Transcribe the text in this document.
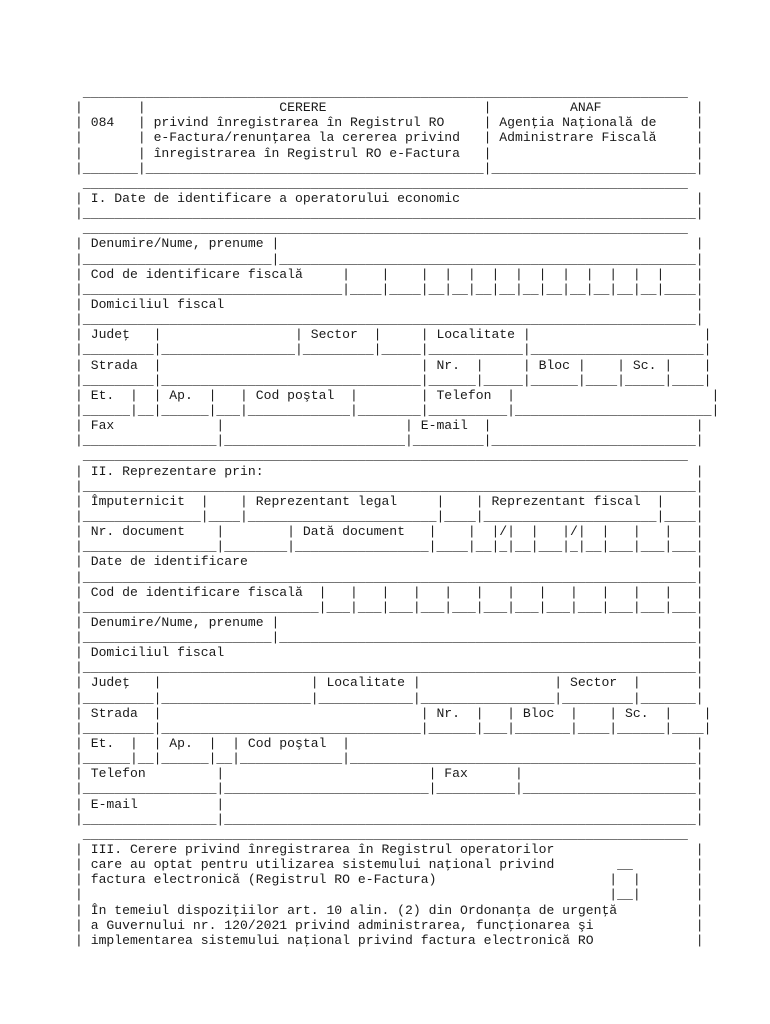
_____________________________________________________________________________

|       |                 CERERE                    |          ANAF            |

| 084   | privind înregistrarea în Registrul RO     | Agenţia Naţională de     |

|       | e-Factura/renunţarea la cererea privind   | Administrare Fiscală     |

|       | înregistrarea în Registrul RO e-Factura   |                          |

|_______|___________________________________________|__________________________|

_____________________________________________________________________________

| I. Date de identificare a operatorului economic                              |

|______________________________________________________________________________|

_____________________________________________________________________________

| Denumire/Nume, prenume |                                                     |

|________________________|_____________________________________________________|

| Cod de identificare fiscală     |    |    |  |  |  |  |  |  |  |  |  |  |    |

|_________________________________|____|____|__|__|__|__|__|__|__|__|__|__|____|

| Domiciliul fiscal                                                            |

|______________________________________________________________________________|

| Judeţ   |                 | Sector  |     | Localitate |                      |

|_________|_________________|_________|_____|____________|______________________|

| Strada  |                                 | Nr.  |     | Bloc |    | Sc. |    |

|_________|_________________________________|______|_____|______|____|_____|____|

| Et.  |  | Ap.  |   | Cod poştal  |        | Telefon  |                         |

|______|__|______|___|_____________|________|__________|_________________________|

| Fax             |                       | E-mail  |                          |

|_________________|_______________________|_________|__________________________|

_____________________________________________________________________________

| II. Reprezentare prin:                                                       |

|______________________________________________________________________________|

| Împuternicit  |    | Reprezentant legal     |    | Reprezentant fiscal  |    |

|_______________|____|________________________|____|______________________|____|

| Nr. document    |        | Dată document   |    |  |/|  |   |/|  |   |   |   |

|_________________|________|_________________|____|__|_|__|___|_|__|___|___|___|

| Date de identificare                                                         |

|______________________________________________________________________________|

| Cod de identificare fiscală  |   |   |   |   |   |   |   |   |   |   |   |   |

|______________________________|___|___|___|___|___|___|___|___|___|___|___|___|

| Denumire/Nume, prenume |                                                     |

|________________________|_____________________________________________________|

| Domiciliul fiscal                                                            |

|______________________________________________________________________________|

| Judeţ   |                   | Localitate |                 | Sector  |       |

|_________|___________________|____________|_________________|_________|_______|

| Strada  |                                 | Nr.  |   | Bloc  |    | Sc.  |    |

|_________|_________________________________|______|___|_______|____|______|____|

| Et.  |  | Ap.  |  | Cod poştal  |                                            |

|______|__|______|__|_____________|____________________________________________|

| Telefon         |                          | Fax      |                      |

|_________________|__________________________|__________|______________________|

| E-mail          |                                                            |

|_________________|____________________________________________________________|

_____________________________________________________________________________

| III. Cerere privind înregistrarea în Registrul operatorilor                  |

| care au optat pentru utilizarea sistemului naţional privind        __        |

| factura electronică (Registrul RO e-Factura)                      |  |       |

|                                                                   |__|       |

| În temeiul dispoziţiilor art. 10 alin. (2) din Ordonanţa de urgenţă          |

| a Guvernului nr. 120/2021 privind administrarea, funcţionarea şi             |

| implementarea sistemului naţional privind factura electronică RO             |
